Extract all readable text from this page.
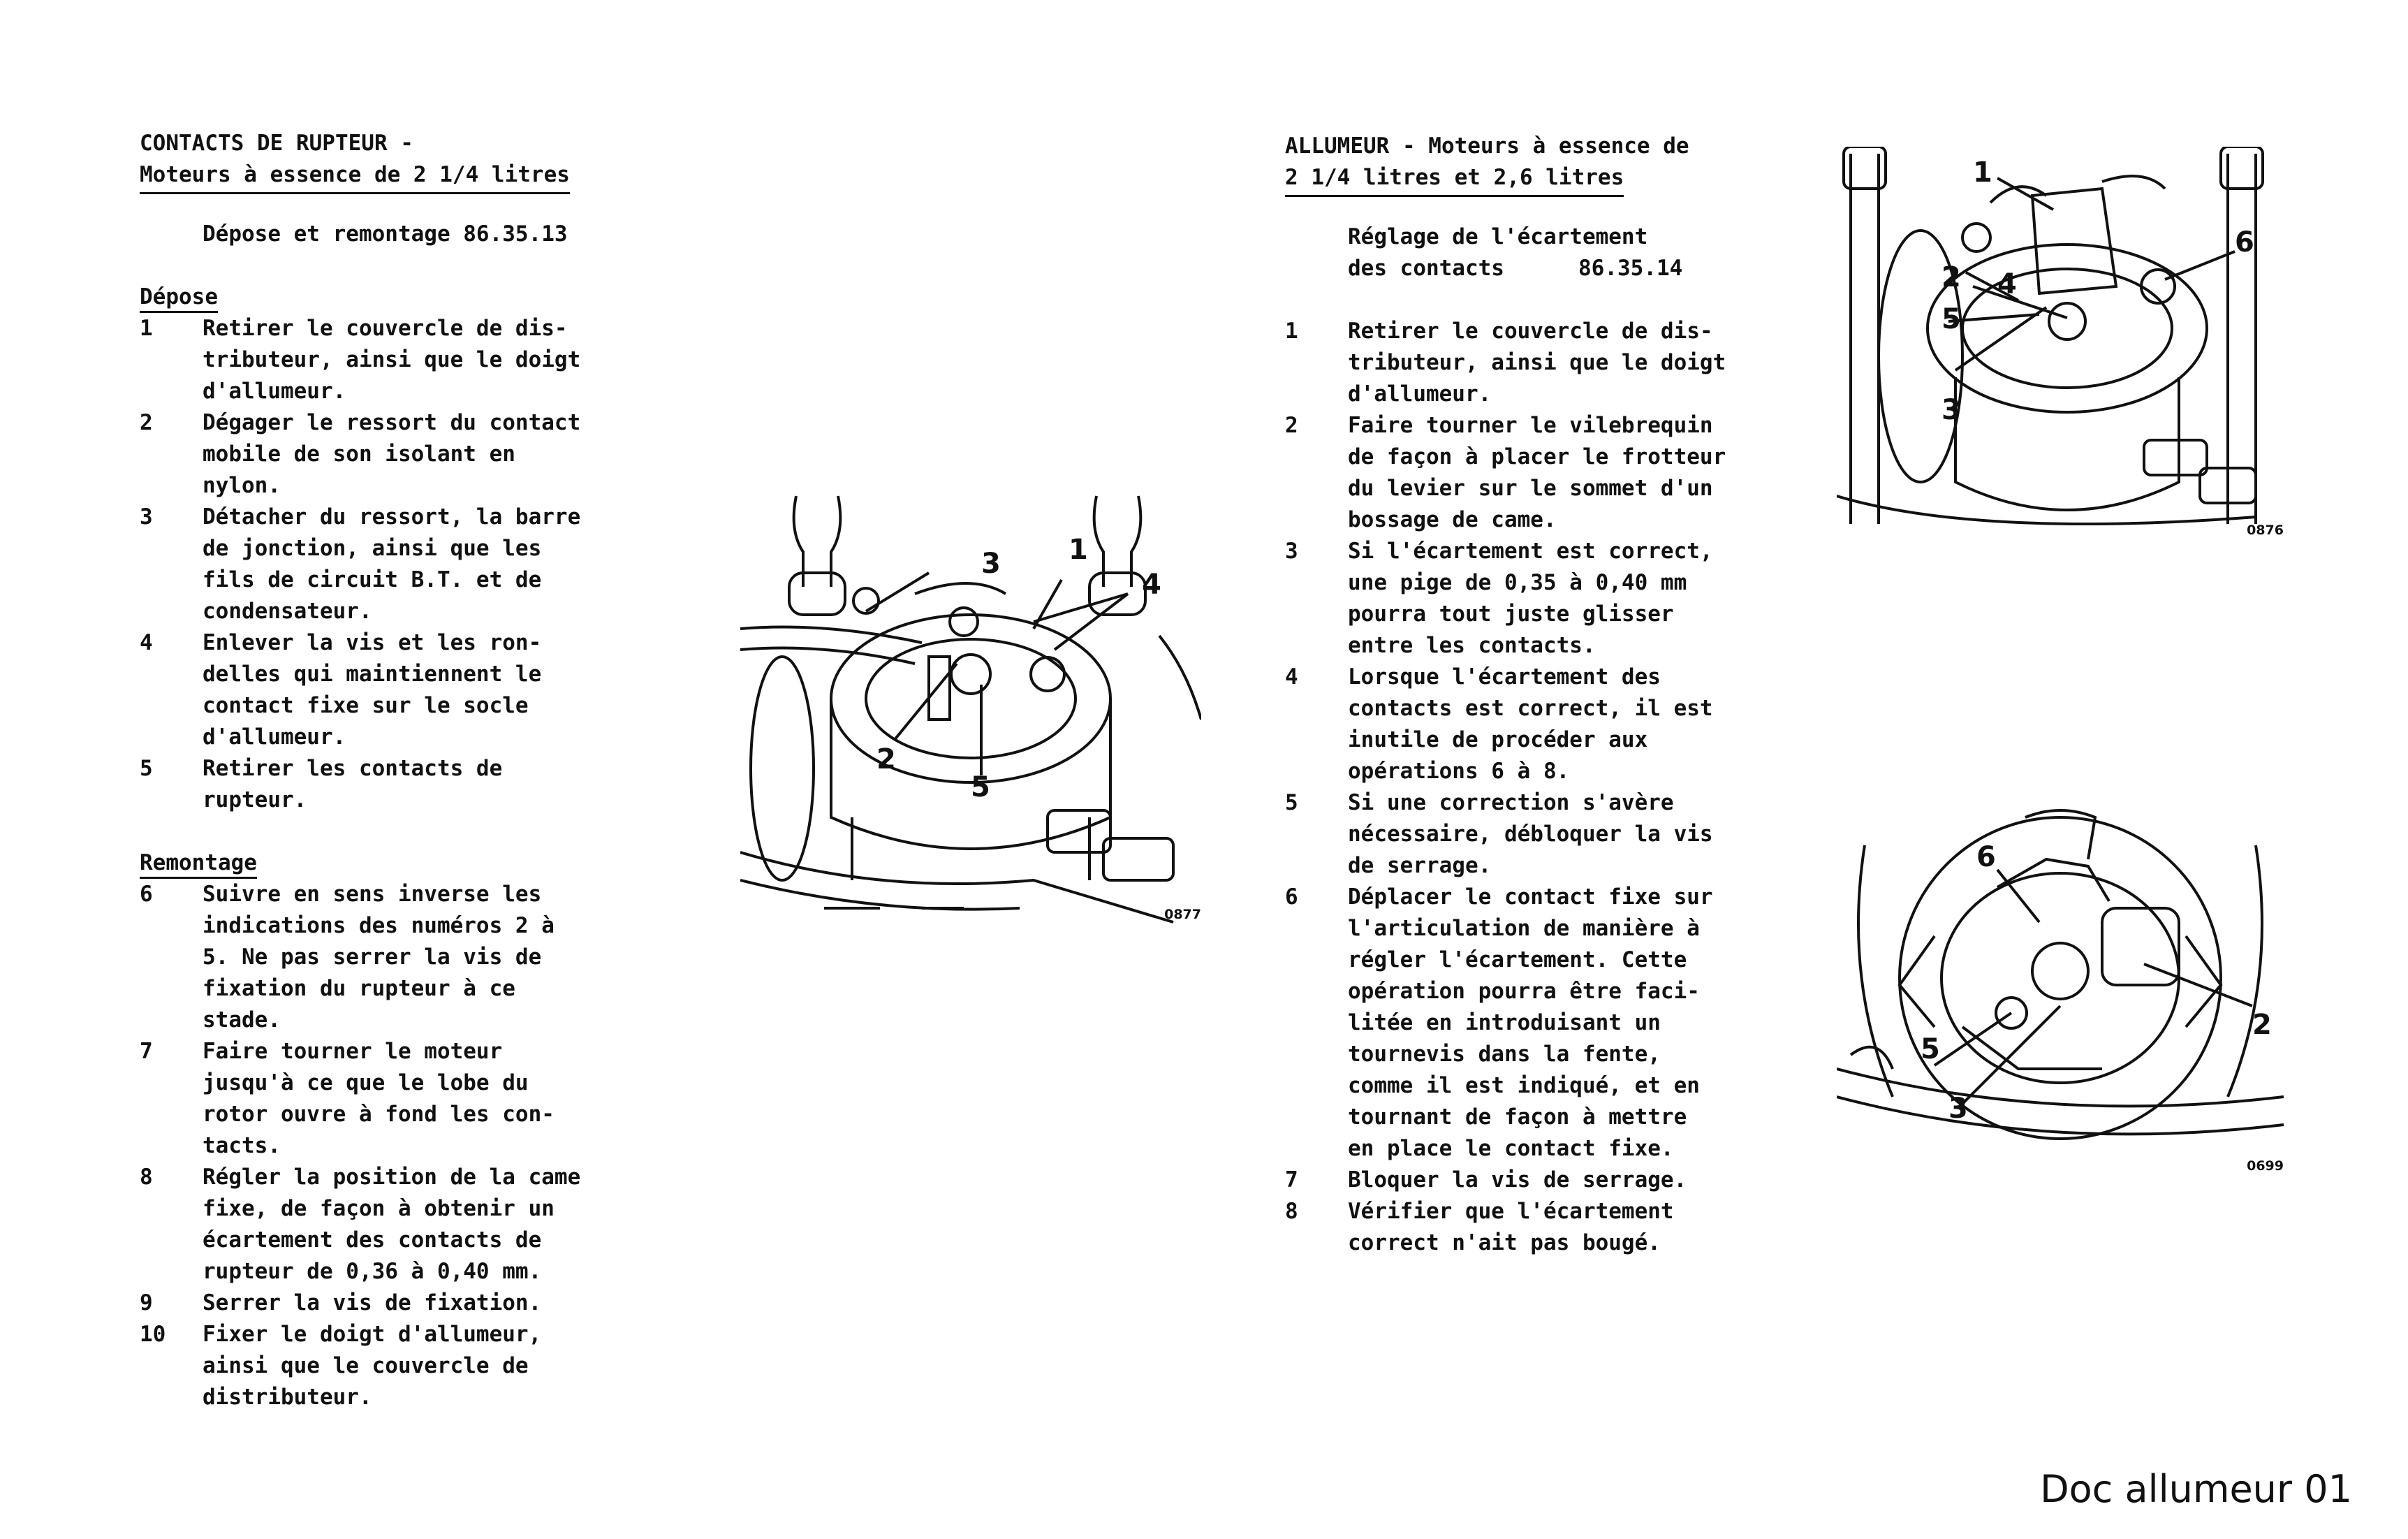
CONTACTS DE RUPTEUR -
Moteurs à essence de 2 1/4 litres
Dépose et remontage 86.35.13
Dépose
1	Retirer le couvercle de dis-
tributeur, ainsi que le doigt
d'allumeur.
2	Dégager le ressort du contact
mobile de son isolant en
nylon.
3	Détacher du ressort, la barre
de jonction, ainsi que les
fils de circuit B.T. et de
condensateur.
4	Enlever la vis et les ron-
delles qui maintiennent le
contact fixe sur le socle
d'allumeur.
5	Retirer les contacts de
rupteur.
Remontage
6	Suivre en sens inverse les
indications des numéros 2 à
5. Ne pas serrer la vis de
fixation du rupteur à ce
stade.
7	Faire tourner le moteur
jusqu'à ce que le lobe du
rotor ouvre à fond les con-
tacts.
8	Régler la position de la came
fixe, de façon à obtenir un
écartement des contacts de
rupteur de 0,36 à 0,40 mm.
9	Serrer la vis de fixation.
10	Fixer le doigt d'allumeur,
ainsi que le couvercle de
distributeur.
3 1
4
2
5
0877
ALLUMEUR - Moteurs à essence de
2 1/4 litres et 2,6 litres
Réglage de l'écartement
des contacts	86.35.14
1	Retirer le couvercle de dis-
tributeur, ainsi que le doigt
d'allumeur.
2	Faire tourner le vilebrequin
de façon à placer le frotteur
du levier sur le sommet d'un
bossage de came.
3	Si l'écartement est correct,
une pige de 0,35 à 0,40 mm
pourra tout juste glisser
entre les contacts.
4	Lorsque l'écartement des
contacts est correct, il est
inutile de procéder aux
opérations 6 à 8.
5	Si une correction s'avère
nécessaire, débloquer la vis
de serrage.
6	Déplacer le contact fixe sur
l'articulation de manière à
régler l'écartement. Cette
opération pourra être faci-
litée en introduisant un
tournevis dans la fente,
comme il est indiqué, et en
tournant de façon à mettre
en place le contact fixe.
7	Bloquer la vis de serrage.
8	Vérifier que l'écartement
correct n'ait pas bougé.
1
2 4
5
6
3
0876
6
2
5
3
0699
Doc allumeur 01
